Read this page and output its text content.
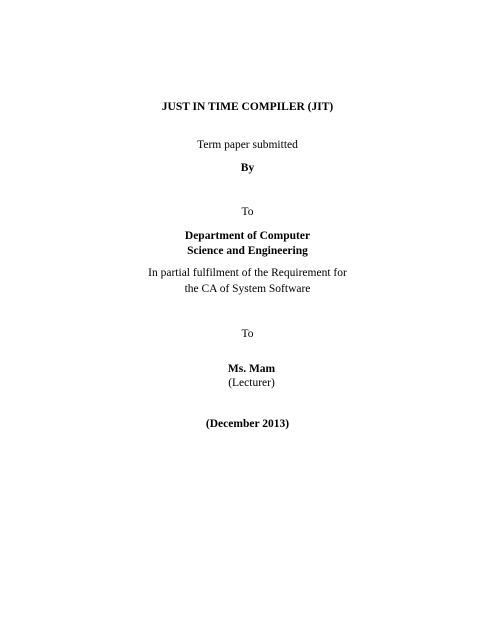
JUST IN TIME COMPILER (JIT)
Term paper submitted
By
To
Department of Computer
Science and Engineering
In partial fulfilment of the Requirement for
the CA of System Software
To
Ms. Mam
(Lecturer)
(December 2013)
